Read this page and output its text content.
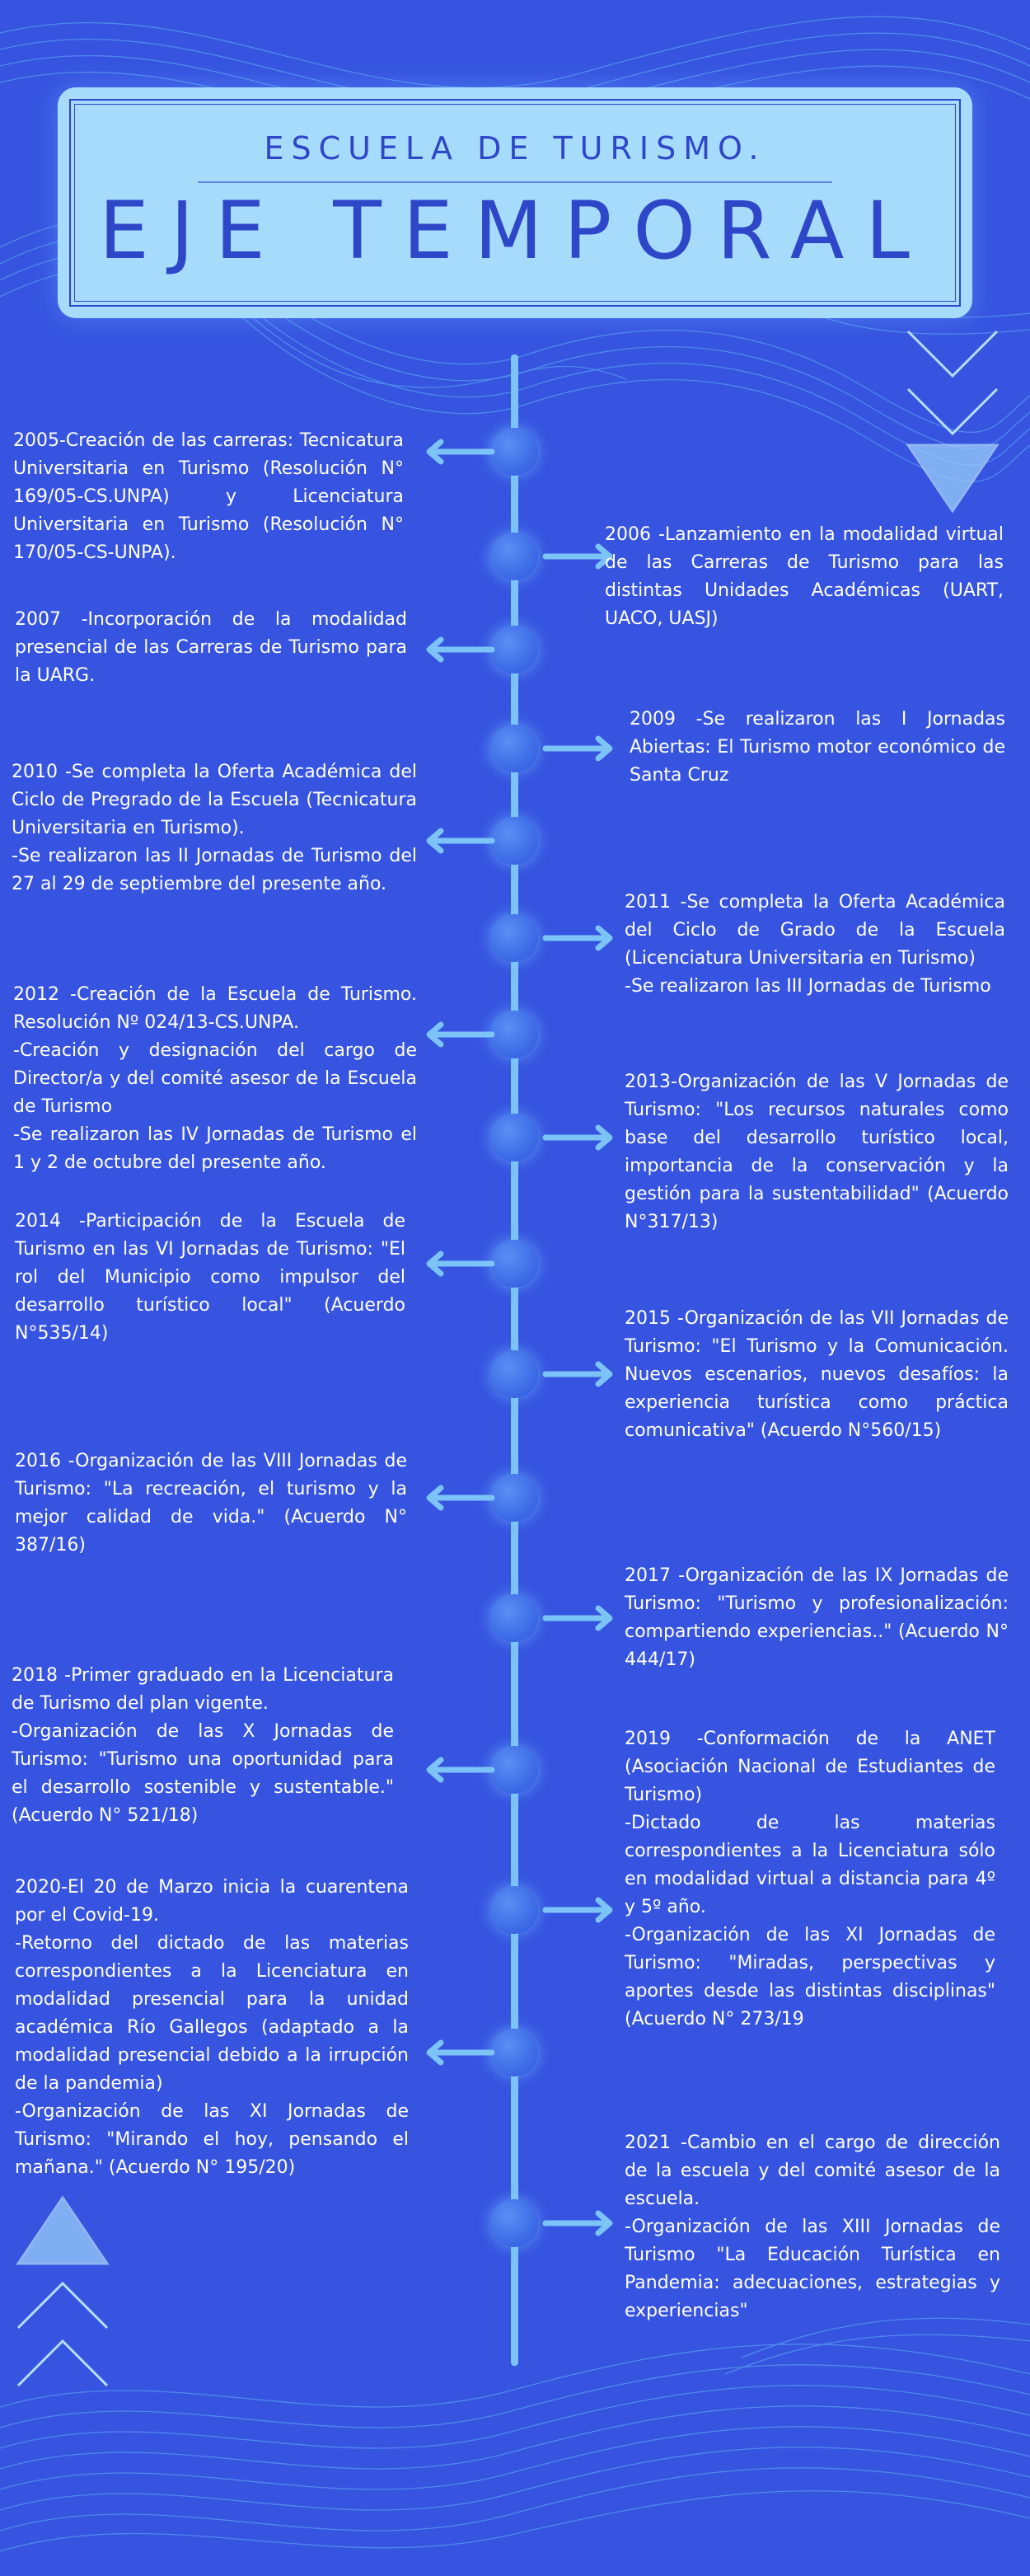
ESCUELA DE TURISMO.
EJE TEMPORAL
2005-Creación de las carreras: Tecnicatura Universitaria en Turismo (Resolución N° 169/05-CS.UNPA) y Licenciatura Universitaria en Turismo (Resolución N° 170/05-CS-UNPA).
2006 -Lanzamiento en la modalidad virtual de las Carreras de Turismo para las distintas Unidades Académicas (UART, UACO, UASJ)
2007 -Incorporación de la modalidad presencial de las Carreras de Turismo para la UARG.
2009 -Se realizaron las I Jornadas Abiertas: El Turismo motor económico de Santa Cruz
2010 -Se completa la Oferta Académica del Ciclo de Pregrado de la Escuela (Tecnicatura Universitaria en Turismo).
-Se realizaron las II Jornadas de Turismo del 27 al 29 de septiembre del presente año.
2011 -Se completa la Oferta Académica del Ciclo de Grado de la Escuela (Licenciatura Universitaria en Turismo)
-Se realizaron las III Jornadas de Turismo
2012 -Creación de la Escuela de Turismo. Resolución Nº 024/13-CS.UNPA.
-Creación y designación del cargo de Director/a y del comité asesor de la Escuela de Turismo
-Se realizaron las IV Jornadas de Turismo el 1 y 2 de octubre del presente año.
2013-Organización de las V Jornadas de Turismo: "Los recursos naturales como base del desarrollo turístico local, importancia de la conservación y la gestión para la sustentabilidad" (Acuerdo N°317/13)
2014 -Participación de la Escuela de Turismo en las VI Jornadas de Turismo: "El rol del Municipio como impulsor del desarrollo turístico local" (Acuerdo N°535/14)
2015 -Organización de las VII Jornadas de Turismo: "El Turismo y la Comunicación. Nuevos escenarios, nuevos desafíos: la experiencia turística como práctica comunicativa" (Acuerdo N°560/15)
2016 -Organización de las VIII Jornadas de Turismo: "La recreación, el turismo y la mejor calidad de vida." (Acuerdo N° 387/16)
2017 -Organización de las IX Jornadas de Turismo: "Turismo y profesionalización: compartiendo experiencias.." (Acuerdo N° 444/17)
2018 -Primer graduado en la Licenciatura de Turismo del plan vigente.
-Organización de las X Jornadas de Turismo: "Turismo una oportunidad para el desarrollo sostenible y sustentable." (Acuerdo N° 521/18)
2019 -Conformación de la ANET (Asociación Nacional de Estudiantes de Turismo)
-Dictado de las materias correspondientes a la Licenciatura sólo en modalidad virtual a distancia para 4º y 5º año.
-Organización de las XI Jornadas de Turismo: "Miradas, perspectivas y aportes desde las distintas disciplinas" (Acuerdo N° 273/19
2020-El 20 de Marzo inicia la cuarentena por el Covid-19.
-Retorno del dictado de las materias correspondientes a la Licenciatura en modalidad presencial para la unidad académica Río Gallegos (adaptado a la modalidad presencial debido a la irrupción de la pandemia)
-Organización de las XI Jornadas de Turismo: "Mirando el hoy, pensando el mañana." (Acuerdo N° 195/20)
2021 -Cambio en el cargo de dirección de la escuela y del comité asesor de la escuela.
-Organización de las XIII Jornadas de Turismo "La Educación Turística en Pandemia: adecuaciones, estrategias y experiencias"
